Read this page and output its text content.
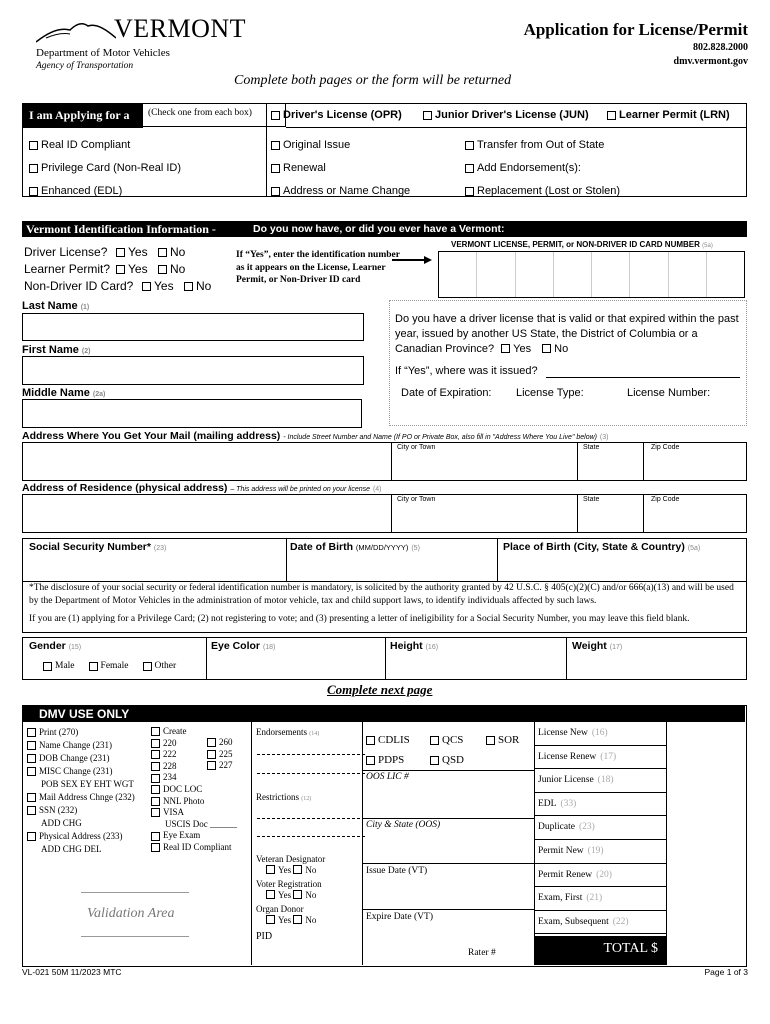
VERMONT
Department of Motor Vehicles
Agency of Transportation
Application for License/Permit
802.828.2000
dmv.vermont.gov
Complete both pages or the form will be returned
I am Applying for a (Check one from each box)	Driver's License (OPR)	Junior Driver's License (JUN)	Learner Permit (LRN)
Real ID Compliant
Privilege Card (Non-Real ID)
Enhanced (EDL)
Original Issue
Renewal
Address or Name Change
Transfer from Out of State
Add Endorsement(s):
Replacement (Lost or Stolen)
Vermont Identification Information -	Do you now have, or did you ever have a Vermont:
Driver License?	Yes	No
Learner Permit?	Yes	No
Non-Driver ID Card?	Yes	No
If “Yes”, enter the identification number as it appears on the License, Learner Permit, or Non-Driver ID card
VERMONT LICENSE, PERMIT, or NON-DRIVER ID CARD NUMBER (5a)
Last Name (1)
First Name (2)
Middle Name (2a)
Do you have a driver license that is valid or that expired within the past year, issued by another US State, the District of Columbia or a Canadian Province? Yes No
If “Yes”, where was it issued?
Date of Expiration: License Type:	License Number:
Address Where You Get Your Mail (mailing address) - Include Street Number and Name (If PO or Private Box, also fill in "Address Where You Live" below) (3)
City or Town	State	Zip Code
Address of Residence (physical address) – This address will be printed on your license (4)
City or Town	State	Zip Code
Social Security Number* (23)	Date of Birth (MM/DD/YYYY) (5)	Place of Birth (City, State & Country) (5a)
*The disclosure of your social security or federal identification number is mandatory, is solicited by the authority granted by 42 U.S.C. § 405(c)(2)(C) and/or 666(a)(13) and will be used by the Department of Motor Vehicles in the administration of motor vehicle, tax and child support laws, to identify individuals affected by such laws.
If you are (1) applying for a Privilege Card; (2) not registering to vote; and (3) presenting a letter of ineligibility for a Social Security Number, you may leave this field blank.
Gender (15)
Male	Female	Other
Eye Color (18)	Height (16)	Weight (17)
Complete next page
DMV USE ONLY
Print (270)
Name Change (231)
DOB Change (231)
MISC Change (231)
POB SEX EY EHT WGT
Mail Address Chnge (232)
SSN (232)
ADD CHG
Physical Address (233)
ADD CHG DEL
Create
220
222
228
234
DOC LOC
NNL Photo
VISA
USCIS Doc ______
Eye Exam
Real ID Compliant
260
225
227
Validation Area
Endorsements (14)
Restrictions (12)
Veteran Designator
Yes No
Voter Registration
Yes No
Organ Donor
Yes No
PID
CDLIS	QCS	SOR
PDPS	QSD
OOS LIC #
City & State (OOS)
Issue Date (VT)
Expire Date (VT)
Rater #
License New (16)
License Renew (17)
Junior License (18)
EDL (33)
Duplicate (23)
Permit New (19)
Permit Renew (20)
Exam, First (21)
Exam, Subsequent (22)
TOTAL $
VL-021 50M 11/2023 MTC	Page 1 of 3
